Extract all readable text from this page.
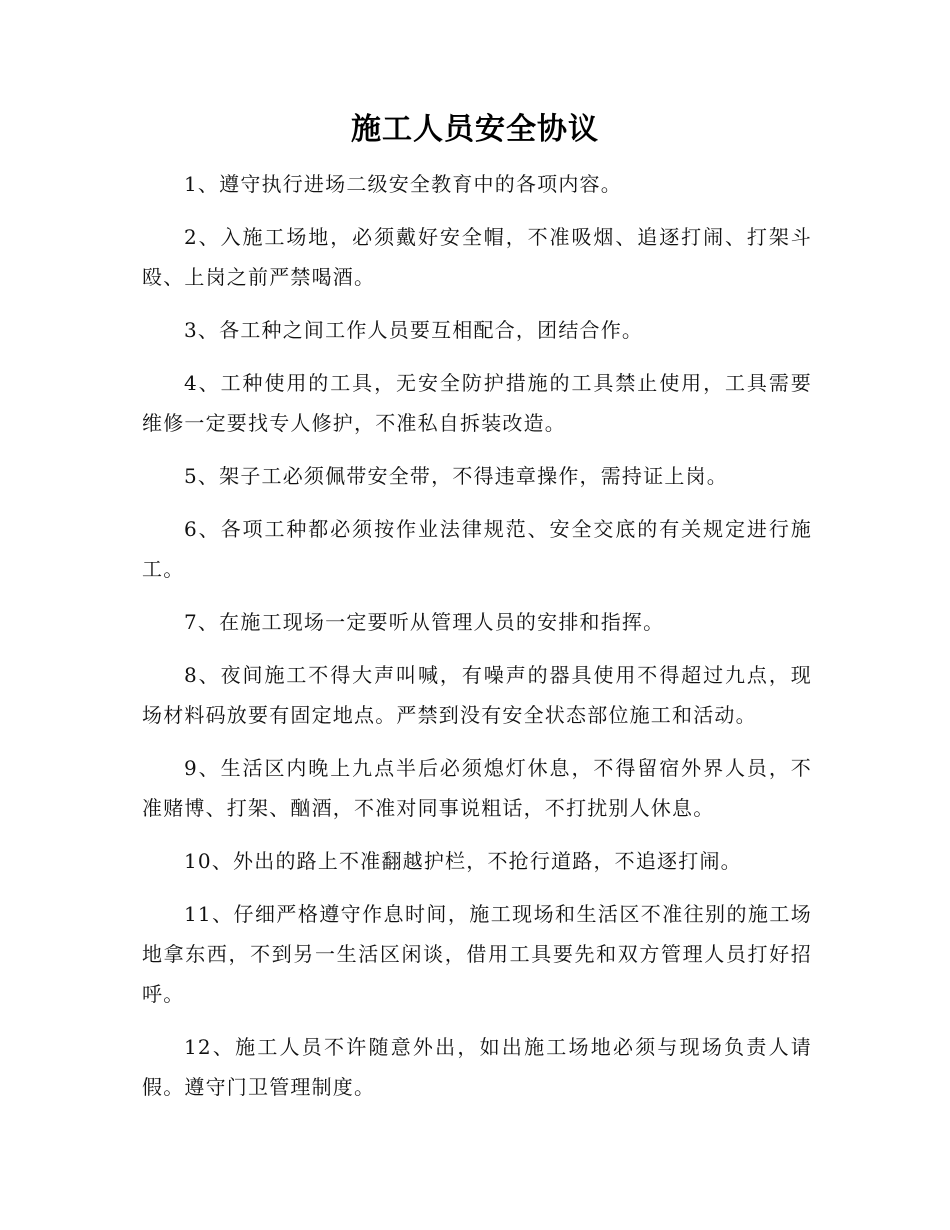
施工人员安全协议

1、遵守执行进场二级安全教育中的各项内容。

2、入施工场地，必须戴好安全帽，不准吸烟、追逐打闹、打架斗殴、上岗之前严禁喝酒。

3、各工种之间工作人员要互相配合，团结合作。

4、工种使用的工具，无安全防护措施的工具禁止使用，工具需要维修一定要找专人修护，不准私自拆装改造。

5、架子工必须佩带安全带，不得违章操作，需持证上岗。

6、各项工种都必须按作业法律规范、安全交底的有关规定进行施工。

7、在施工现场一定要听从管理人员的安排和指挥。

8、夜间施工不得大声叫喊，有噪声的器具使用不得超过九点，现场材料码放要有固定地点。严禁到没有安全状态部位施工和活动。

9、生活区内晚上九点半后必须熄灯休息，不得留宿外界人员，不准赌博、打架、酗酒，不准对同事说粗话，不打扰别人休息。

10、外出的路上不准翻越护栏，不抢行道路，不追逐打闹。

11、仔细严格遵守作息时间，施工现场和生活区不准往别的施工场地拿东西，不到另一生活区闲谈，借用工具要先和双方管理人员打好招呼。

12、施工人员不许随意外出，如出施工场地必须与现场负责人请假。遵守门卫管理制度。
